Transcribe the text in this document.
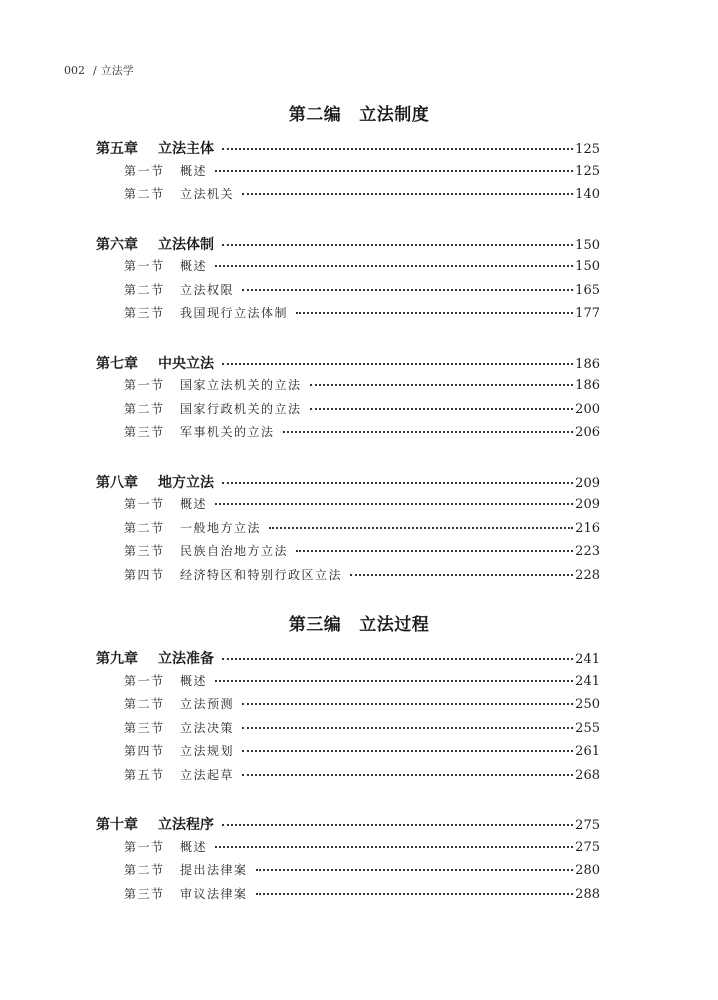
002 / 立法学
第二编 立法制度
第五章	立法主体	125
第一节	概述	125
第二节	立法机关	140
第六章	立法体制	150
第一节	概述	150
第二节	立法权限	165
第三节	我国现行立法体制	177
第七章	中央立法	186
第一节	国家立法机关的立法	186
第二节	国家行政机关的立法	200
第三节	军事机关的立法	206
第八章	地方立法	209
第一节	概述	209
第二节	一般地方立法	216
第三节	民族自治地方立法	223
第四节	经济特区和特别行政区立法	228
第三编 立法过程
第九章	立法准备	241
第一节	概述	241
第二节	立法预测	250
第三节	立法决策	255
第四节	立法规划	261
第五节	立法起草	268
第十章	立法程序	275
第一节	概述	275
第二节	提出法律案	280
第三节	审议法律案	288
